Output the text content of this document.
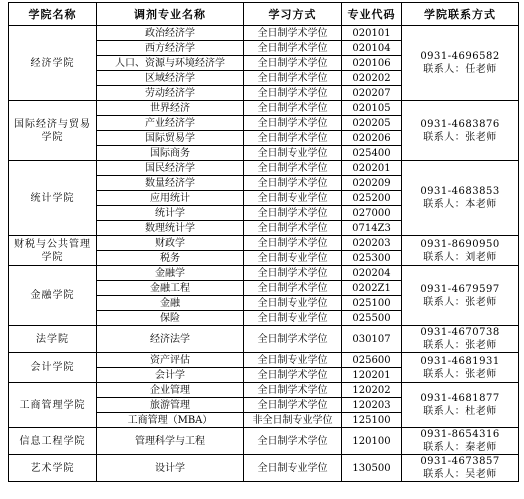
学院名称	调剂专业名称	学习方式	专业代码	学院联系方式
经济学院	政治经济学	全日制学术学位	020101	0931-4696582
联系人：任老师

	西方经济学	全日制学术学位	020104	
	人口、资源与环境经济学	全日制学术学位	020106	
	区域经济学	全日制学术学位	020202	
	劳动经济学	全日制学术学位	020207	
国际经济与贸易学院	世界经济	全日制学术学位	020105	0931-4683876
联系人：张老师

	产业经济学	全日制学术学位	020205	
	国际贸易学	全日制学术学位	020206	
	国际商务	全日制专业学位	025400	
统计学院	国民经济学	全日制学术学位	020201	0931-4683853
联系人：本老师

	数量经济学	全日制学术学位	020209	
	应用统计	全日制专业学位	025200	
	统计学	全日制学术学位	027000	
	数理统计学	全日制学术学位	0714Z3	
财税与公共管理学院	财政学	全日制学术学位	020203	0931-8690950
联系人：刘老师

	税务	全日制专业学位	025300	
金融学院	金融学	全日制学术学位	020204	0931-4679597
联系人：张老师

	金融工程	全日制学术学位	0202Z1	
	金融	全日制专业学位	025100	
	保险	全日制专业学位	025500	
法学院	经济法学	全日制学术学位	030107	0931-4670738
联系人：张老师

会计学院	资产评估	全日制专业学位	025600	0931-4681931
联系人：张老师

	会计学	全日制学术学位	120201	
工商管理学院	企业管理	全日制学术学位	120202	0931-4681877
联系人：杜老师

	旅游管理	全日制学术学位	120203	
	工商管理（MBA）	非全日制专业学位	125100	
信息工程学院	管理科学与工程	全日制学术学位	120100	0931-8654316
联系人：秦老师

艺术学院	设计学	全日制专业学位	130500	0931-4673857
联系人：吴老师
